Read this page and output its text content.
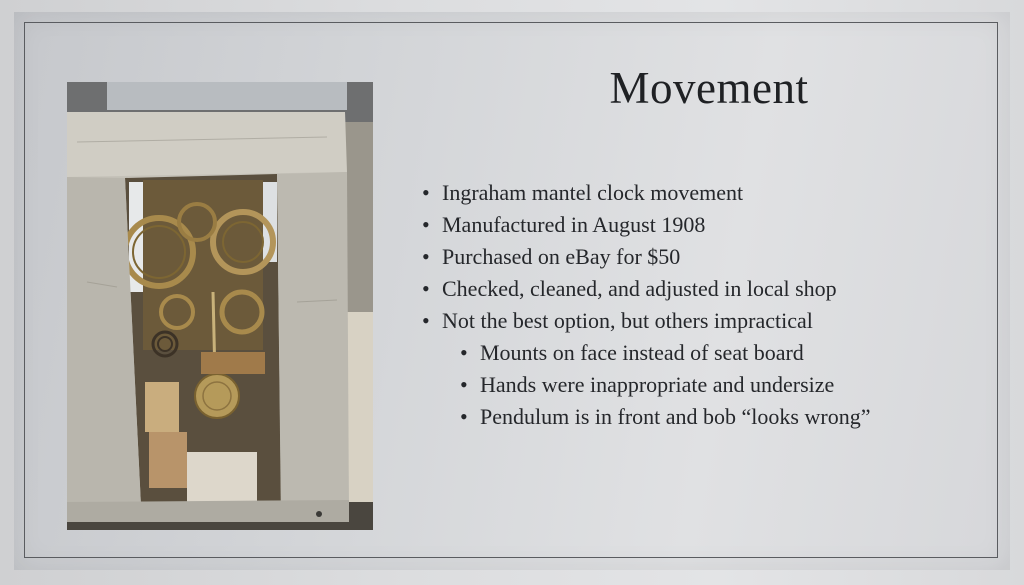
Movement
• Ingraham mantel clock movement
• Manufactured in August 1908
• Purchased on eBay for $50
• Checked, cleaned, and adjusted in local shop
• Not the best option, but others impractical
• Mounts on face instead of seat board
• Hands were inappropriate and undersize
• Pendulum is in front and bob “looks wrong”
